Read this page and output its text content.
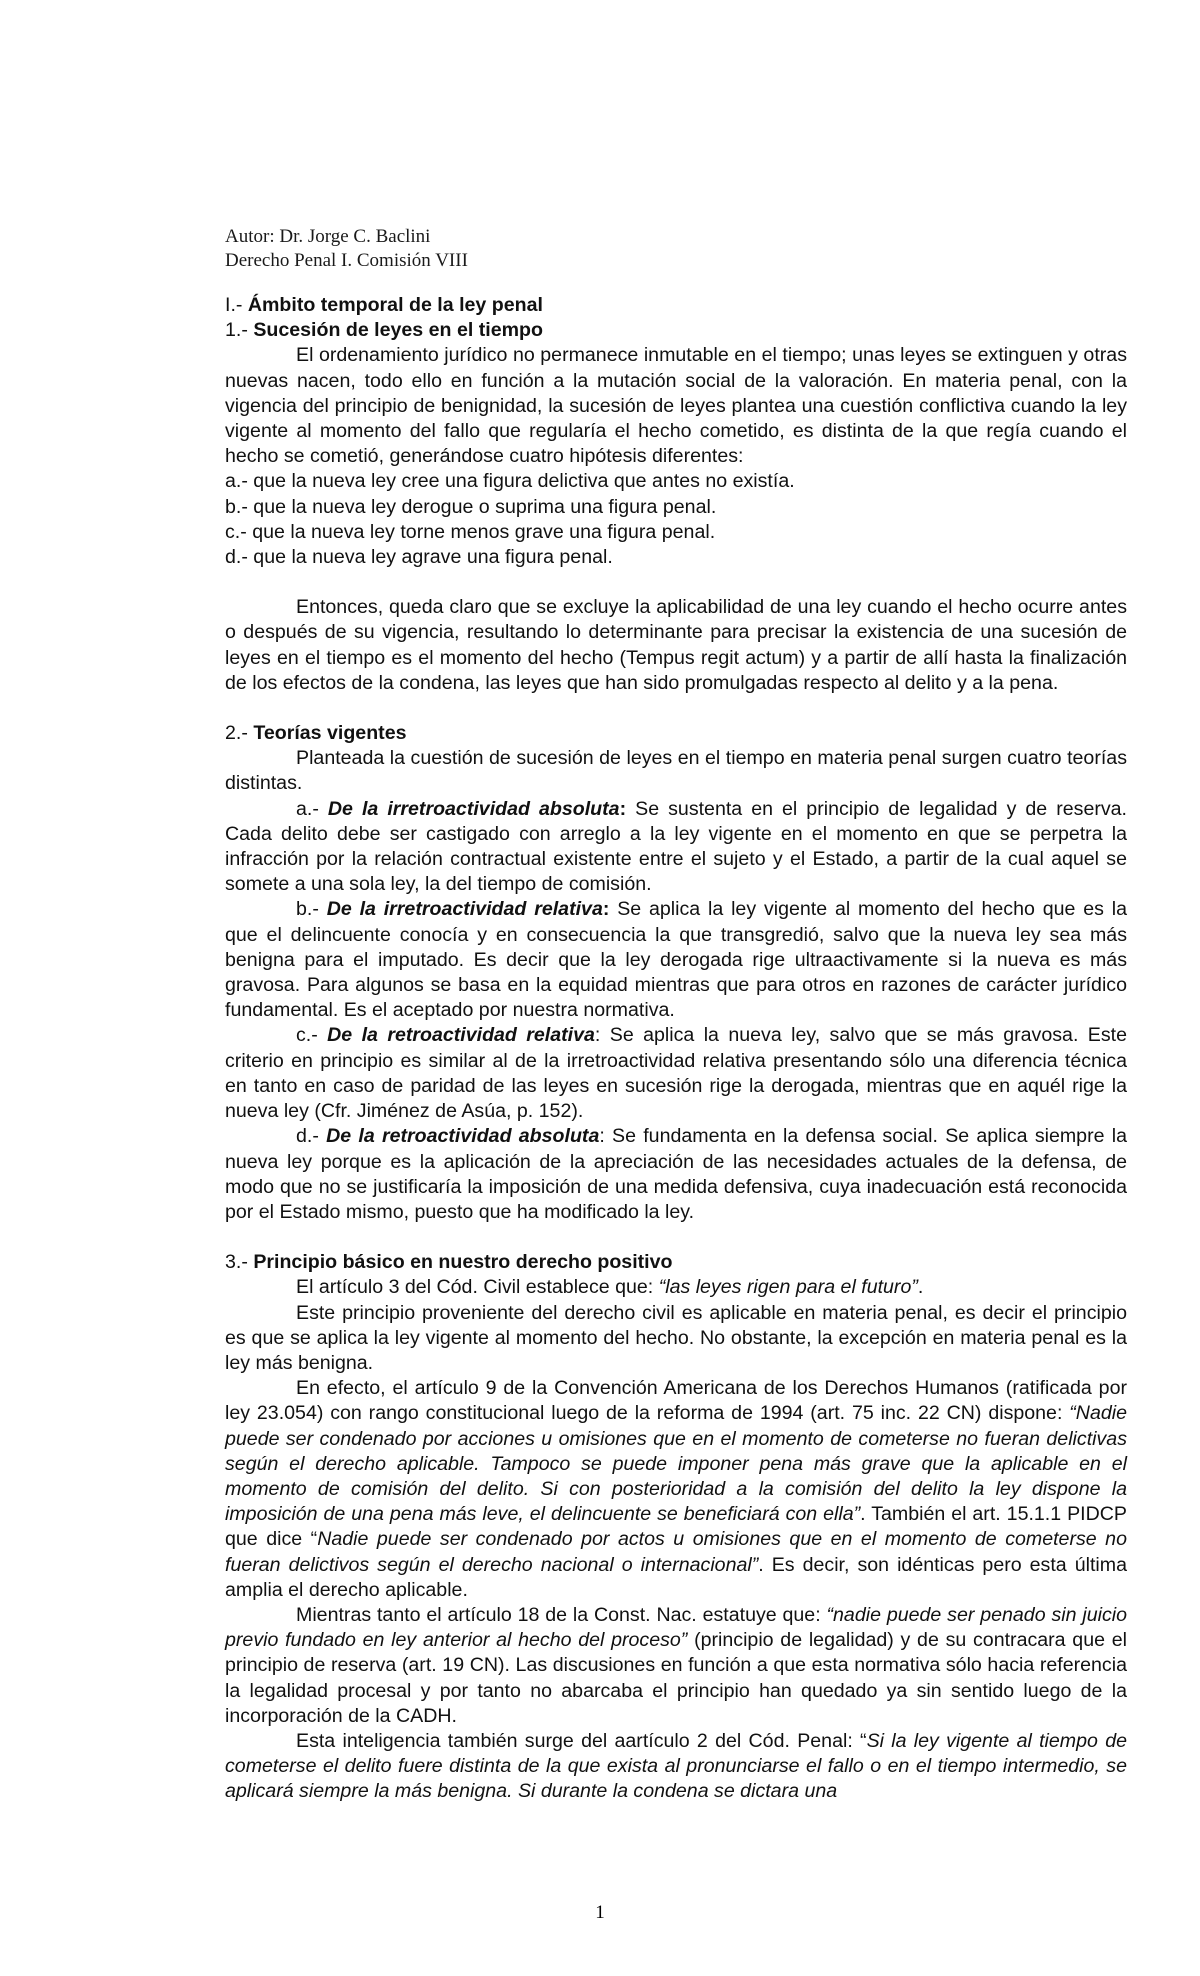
Autor: Dr. Jorge C. Baclini
Derecho Penal I. Comisión VIII

I.- Ámbito temporal de la ley penal

1.- Sucesión de leyes en el tiempo

El ordenamiento jurídico no permanece inmutable en el tiempo; unas leyes se extinguen y otras nuevas nacen, todo ello en función a la mutación social de la valoración. En materia penal, con la vigencia del principio de benignidad, la sucesión de leyes plantea una cuestión conflictiva cuando la ley vigente al momento del fallo que regularía el hecho cometido, es distinta de la que regía cuando el hecho se cometió, generándose cuatro hipótesis diferentes:

a.- que la nueva ley cree una figura delictiva que antes no existía.

b.- que la nueva ley derogue o suprima una figura penal.

c.- que la nueva ley torne menos grave una figura penal.

d.- que la nueva ley agrave una figura penal.

Entonces, queda claro que se excluye la aplicabilidad de una ley cuando el hecho ocurre antes o después de su vigencia, resultando lo determinante para precisar la existencia de una sucesión de leyes en el tiempo es el momento del hecho (Tempus regit actum) y a partir de allí hasta la finalización de los efectos de la condena, las leyes que han sido promulgadas respecto al delito y a la pena.

2.- Teorías vigentes

Planteada la cuestión de sucesión de leyes en el tiempo en materia penal surgen cuatro teorías distintas.

a.- De la irretroactividad absoluta: Se sustenta en el principio de legalidad y de reserva. Cada delito debe ser castigado con arreglo a la ley vigente en el momento en que se perpetra la infracción por la relación contractual existente entre el sujeto y el Estado, a partir de la cual aquel se somete a una sola ley, la del tiempo de comisión.

b.- De la irretroactividad relativa: Se aplica la ley vigente al momento del hecho que es la que el delincuente conocía y en consecuencia la que transgredió, salvo que la nueva ley sea más benigna para el imputado. Es decir que la ley derogada rige ultraactivamente si la nueva es más gravosa. Para algunos se basa en la equidad mientras que para otros en razones de carácter jurídico fundamental. Es el aceptado por nuestra normativa.

c.- De la retroactividad relativa: Se aplica la nueva ley, salvo que se más gravosa. Este criterio en principio es similar al de la irretroactividad relativa presentando sólo una diferencia técnica en tanto en caso de paridad de las leyes en sucesión rige la derogada, mientras que en aquél rige la nueva ley (Cfr. Jiménez de Asúa, p. 152).

d.- De la retroactividad absoluta: Se fundamenta en la defensa social. Se aplica siempre la nueva ley porque es la aplicación de la apreciación de las necesidades actuales de la defensa, de modo que no se justificaría la imposición de una medida defensiva, cuya inadecuación está reconocida por el Estado mismo, puesto que ha modificado la ley.

3.- Principio básico en nuestro derecho positivo

El artículo 3 del Cód. Civil establece que: “las leyes rigen para el futuro”.

Este principio proveniente del derecho civil es aplicable en materia penal, es decir el principio es que se aplica la ley vigente al momento del hecho. No obstante, la excepción en materia penal es la ley más benigna.

En efecto, el artículo 9 de la Convención Americana de los Derechos Humanos (ratificada por ley 23.054) con rango constitucional luego de la reforma de 1994 (art. 75 inc. 22 CN) dispone: “Nadie puede ser condenado por acciones u omisiones que en el momento de cometerse no fueran delictivas según el derecho aplicable. Tampoco se puede imponer pena más grave que la aplicable en el momento de comisión del delito. Si con posterioridad a la comisión del delito la ley dispone la imposición de una pena más leve, el delincuente se beneficiará con ella”. También el art. 15.1.1 PIDCP que dice “Nadie puede ser condenado por actos u omisiones que en el momento de cometerse no fueran delictivos según el derecho nacional o internacional”. Es decir, son idénticas pero esta última amplia el derecho aplicable.

Mientras tanto el artículo 18 de la Const. Nac. estatuye que: “nadie puede ser penado sin juicio previo fundado en ley anterior al hecho del proceso” (principio de legalidad) y de su contracara que el principio de reserva (art. 19 CN). Las discusiones en función a que esta normativa sólo hacia referencia la legalidad procesal y por tanto no abarcaba el principio han quedado ya sin sentido luego de la incorporación de la CADH.

Esta inteligencia también surge del aartículo 2 del Cód. Penal: “Si la ley vigente al tiempo de cometerse el delito fuere distinta de la que exista al pronunciarse el fallo o en el tiempo intermedio, se aplicará siempre la más benigna. Si durante la condena se dictara una

1
